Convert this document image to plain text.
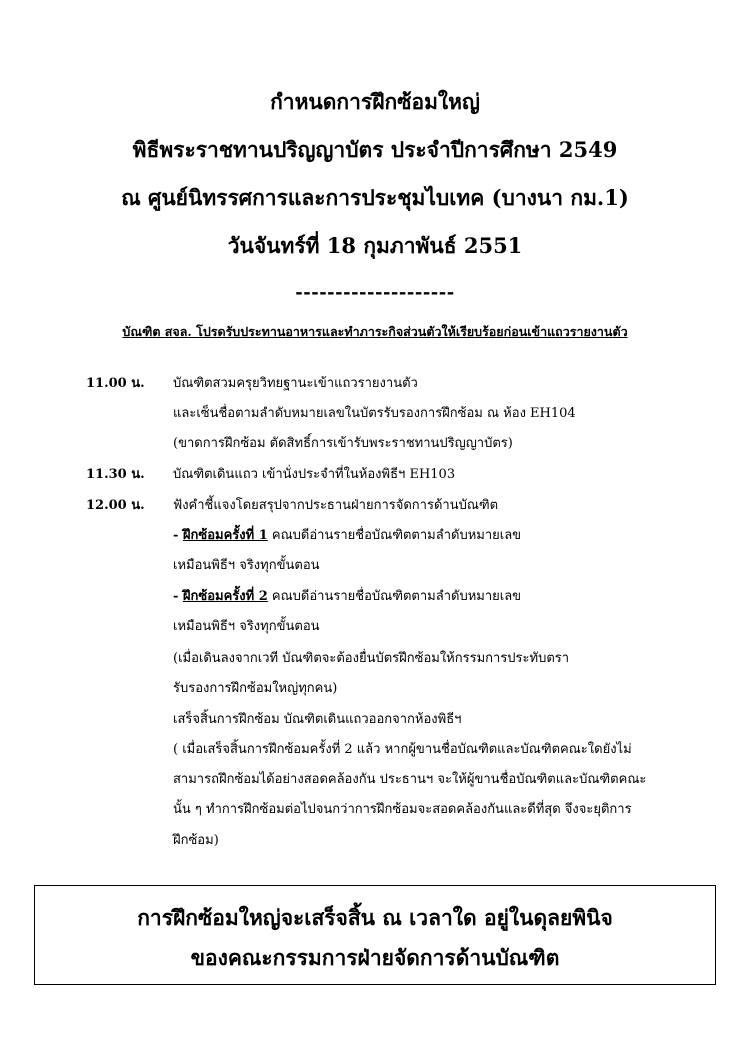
กำหนดการฝึกซ้อมใหญ่
พิธีพระราชทานปริญญาบัตร ประจำปีการศึกษา 2549
ณ ศูนย์นิทรรศการและการประชุมไบเทค (บางนา กม.1)
วันจันทร์ที่ 18 กุมภาพันธ์ 2551
--------------------
บัณฑิต สจล. โปรดรับประทานอาหารและทำภาระกิจส่วนตัวให้เรียบร้อยก่อนเข้าแถวรายงานตัว
11.00 น. บัณฑิตสวมครุยวิทยฐานะเข้าแถวรายงานตัว
และเซ็นชื่อตามลำดับหมายเลขในบัตรรับรองการฝึกซ้อม ณ ห้อง EH104
(ขาดการฝึกซ้อม ตัดสิทธิ์การเข้ารับพระราชทานปริญญาบัตร)
11.30 น. บัณฑิตเดินแถว เข้านั่งประจำที่ในห้องพิธีฯ EH103
12.00 น. ฟังคำชี้แจงโดยสรุปจากประธานฝ่ายการจัดการด้านบัณฑิต
- ฝึกซ้อมครั้งที่ 1 คณบดีอ่านรายชื่อบัณฑิตตามลำดับหมายเลข
เหมือนพิธีฯ จริงทุกขั้นตอน
- ฝึกซ้อมครั้งที่ 2 คณบดีอ่านรายชื่อบัณฑิตตามลำดับหมายเลข
เหมือนพิธีฯ จริงทุกขั้นตอน
(เมื่อเดินลงจากเวที บัณฑิตจะต้องยื่นบัตรฝึกซ้อมให้กรรมการประทับตรา
รับรองการฝึกซ้อมใหญ่ทุกคน)
เสร็จสิ้นการฝึกซ้อม บัณฑิตเดินแถวออกจากห้องพิธีฯ
( เมื่อเสร็จสิ้นการฝึกซ้อมครั้งที่ 2 แล้ว หากผู้ขานชื่อบัณฑิตและบัณฑิตคณะใดยังไม่
สามารถฝึกซ้อมได้อย่างสอดคล้องกัน ประธานฯ จะให้ผู้ขานชื่อบัณฑิตและบัณฑิตคณะ
นั้น ๆ ทำการฝึกซ้อมต่อไปจนกว่าการฝึกซ้อมจะสอดคล้องกันและดีที่สุด จึงจะยุติการ
ฝึกซ้อม)
การฝึกซ้อมใหญ่จะเสร็จสิ้น ณ เวลาใด อยู่ในดุลยพินิจ
ของคณะกรรมการฝ่ายจัดการด้านบัณฑิต
